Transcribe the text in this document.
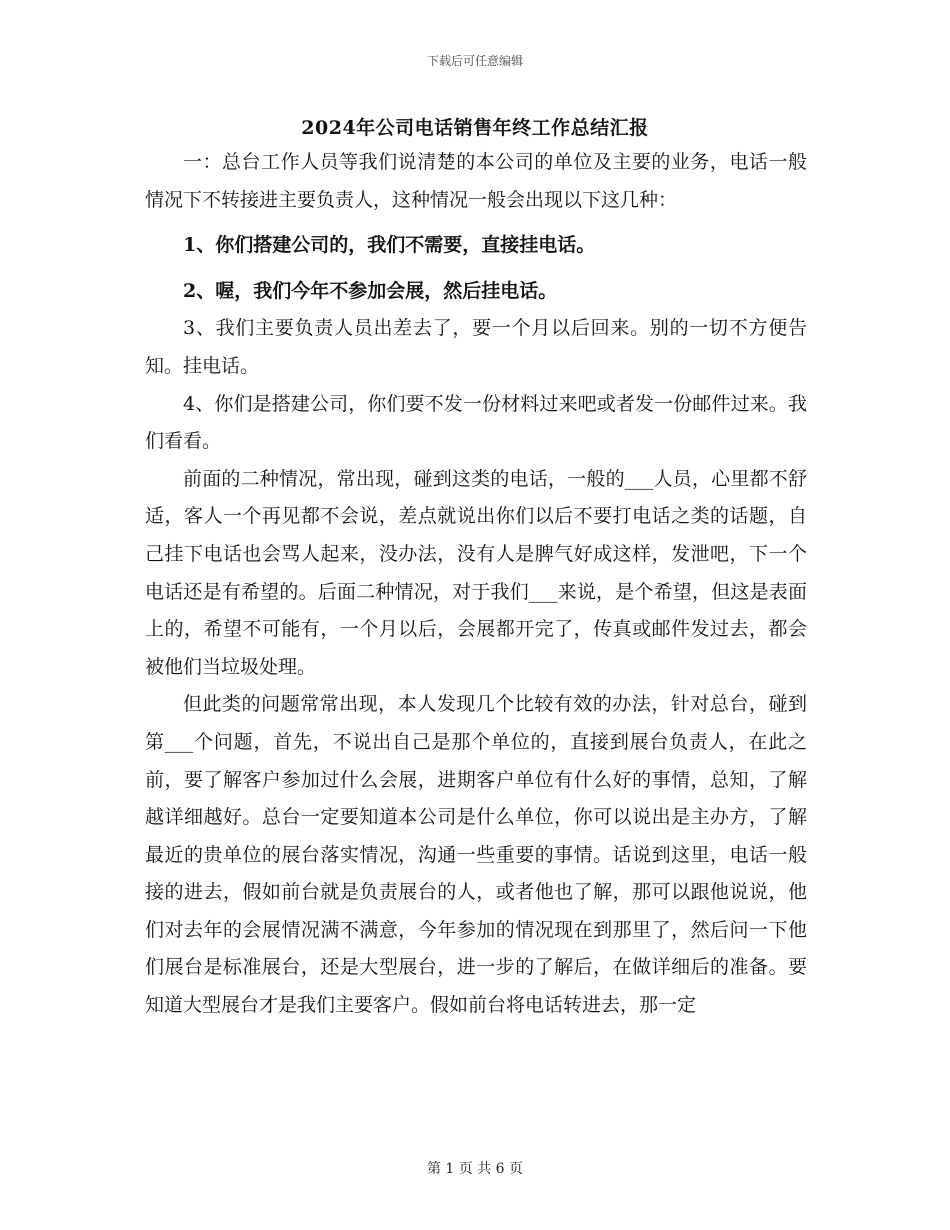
下载后可任意编辑
2024年公司电话销售年终工作总结汇报

一：总台工作人员等我们说清楚的本公司的单位及主要的业务，电话一般情况下不转接进主要负责人，这种情况一般会出现以下这几种：

1、你们搭建公司的，我们不需要，直接挂电话。

2、喔，我们今年不参加会展，然后挂电话。

3、我们主要负责人员出差去了，要一个月以后回来。别的一切不方便告知。挂电话。

4、你们是搭建公司，你们要不发一份材料过来吧或者发一份邮件过来。我们看看。

前面的二种情况，常出现，碰到这类的电话，一般的___人员，心里都不舒适，客人一个再见都不会说，差点就说出你们以后不要打电话之类的话题，自己挂下电话也会骂人起来，没办法，没有人是脾气好成这样，发泄吧，下一个电话还是有希望的。后面二种情况，对于我们___来说，是个希望，但这是表面上的，希望不可能有，一个月以后，会展都开完了，传真或邮件发过去，都会被他们当垃圾处理。

但此类的问题常常出现，本人发现几个比较有效的办法，针对总台，碰到第___个问题，首先，不说出自己是那个单位的，直接到展台负责人，在此之前，要了解客户参加过什么会展，进期客户单位有什么好的事情，总知，了解越详细越好。总台一定要知道本公司是什么单位，你可以说出是主办方，了解最近的贵单位的展台落实情况，沟通一些重要的事情。话说到这里，电话一般接的进去，假如前台就是负责展台的人，或者他也了解，那可以跟他说说，他们对去年的会展情况满不满意，今年参加的情况现在到那里了，然后问一下他们展台是标准展台，还是大型展台，进一步的了解后，在做详细后的准备。要知道大型展台才是我们主要客户。假如前台将电话转进去，那一定

第 1 页 共 6 页
